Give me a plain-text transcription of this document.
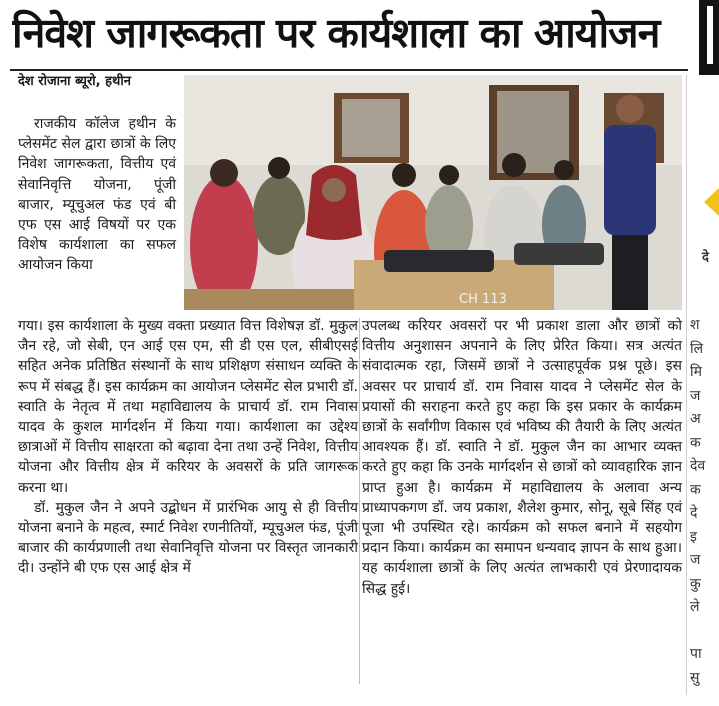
निवेश जागरूकता पर कार्यशाला का आयोजन
देश रोजाना ब्यूरो, हथीन
CH 113

राजकीय कॉलेज हथीन के प्लेसमेंट सेल द्वारा छात्रों के लिए निवेश जागरूकता, वित्तीय एवं सेवानिवृत्ति योजना, पूंजी बाजार, म्यूचुअल फंड एवं बी एफ एस आई विषयों पर एक विशेष कार्यशाला का सफल आयोजन किया

गया। इस कार्यशाला के मुख्य वक्ता प्रख्यात वित्त विशेषज्ञ डॉ. मुकुल जैन रहे, जो सेबी, एन आई एस एम, सी डी एस एल, सीबीएसई सहित अनेक प्रतिष्ठित संस्थानों के साथ प्रशिक्षण संसाधन व्यक्ति के रूप में संबद्ध हैं। इस कार्यक्रम का आयोजन प्लेसमेंट सेल प्रभारी डॉ. स्वाति के नेतृत्व में तथा महाविद्यालय के प्राचार्य डॉ. राम निवास यादव के कुशल मार्गदर्शन में किया गया। कार्यशाला का उद्देश्य छात्राओं में वित्तीय साक्षरता को बढ़ावा देना तथा उन्हें निवेश, वित्तीय योजना और वित्तीय क्षेत्र में करियर के अवसरों के प्रति जागरूक करना था।

डॉ. मुकुल जैन ने अपने उद्बोधन में प्रारंभिक आयु से ही वित्तीय योजना बनाने के महत्व, स्मार्ट निवेश रणनीतियों, म्यूचुअल फंड, पूंजी बाजार की कार्यप्रणाली तथा सेवानिवृत्ति योजना पर विस्तृत जानकारी दी। उन्होंने बी एफ एस आई क्षेत्र में

उपलब्ध करियर अवसरों पर भी प्रकाश डाला और छात्रों को वित्तीय अनुशासन अपनाने के लिए प्रेरित किया। सत्र अत्यंत संवादात्मक रहा, जिसमें छात्रों ने उत्साहपूर्वक प्रश्न पूछे। इस अवसर पर प्राचार्य डॉ. राम निवास यादव ने प्लेसमेंट सेल के प्रयासों की सराहना करते हुए कहा कि इस प्रकार के कार्यक्रम छात्रों के सर्वांगीण विकास एवं भविष्य की तैयारी के लिए अत्यंत आवश्यक हैं। डॉ. स्वाति ने डॉ. मुकुल जैन का आभार व्यक्त करते हुए कहा कि उनके मार्गदर्शन से छात्रों को व्यावहारिक ज्ञान प्राप्त हुआ है। कार्यक्रम में महाविद्यालय के अलावा अन्य प्राध्यापकगण डॉ. जय प्रकाश, शैलेश कुमार, सोनू, सूबे सिंह एवं पूजा भी उपस्थित रहे। कार्यक्रम को सफल बनाने में सहयोग प्रदान किया। कार्यक्रम का समापन धन्यवाद ज्ञापन के साथ हुआ। यह कार्यशाला छात्रों के लिए अत्यंत लाभकारी एवं प्रेरणादायक सिद्ध हुई।

दे
श
लि
मि
ज
अ
क
देव
क
दे
इ
ज
कु
ले
पा
सु
